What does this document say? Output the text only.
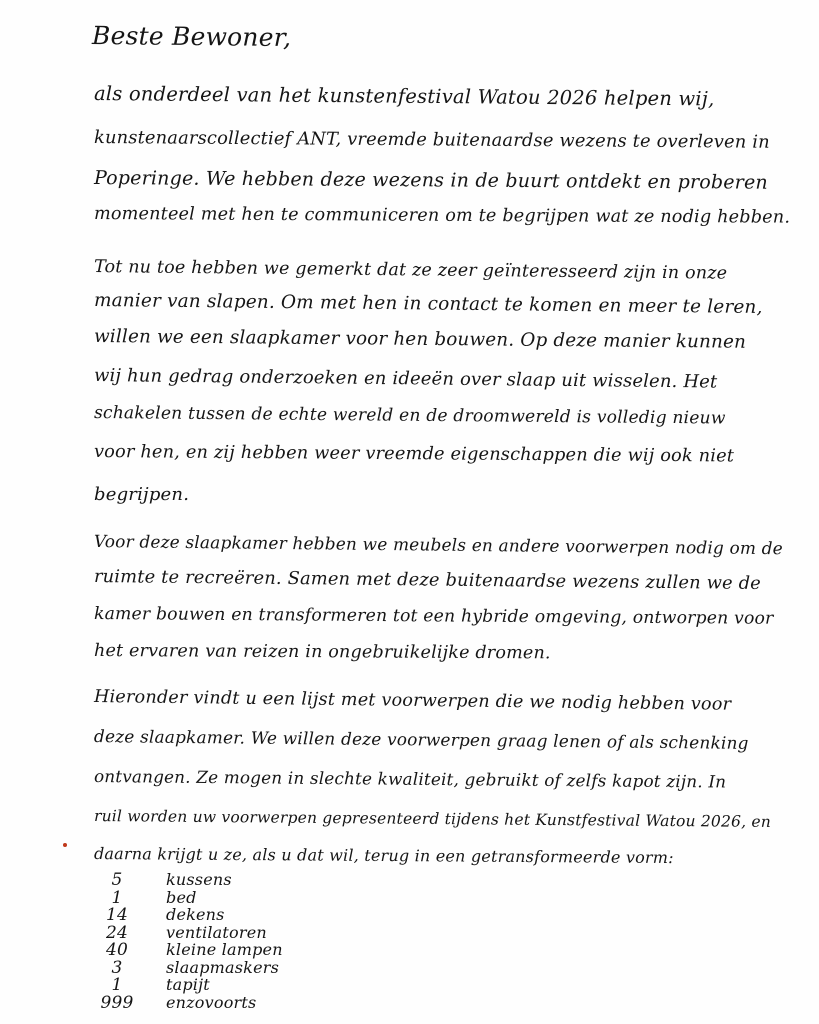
Beste Bewoner,
als onderdeel van het kunstenfestival Watou 2026 helpen wij,
kunstenaarscollectief ANT, vreemde buitenaardse wezens te overleven in
Poperinge. We hebben deze wezens in de buurt ontdekt en proberen
momenteel met hen te communiceren om te begrijpen wat ze nodig hebben.
Tot nu toe hebben we gemerkt dat ze zeer geïnteresseerd zijn in onze
manier van slapen. Om met hen in contact te komen en meer te leren,
willen we een slaapkamer voor hen bouwen. Op deze manier kunnen
wij hun gedrag onderzoeken en ideeën over slaap uit wisselen. Het
schakelen tussen de echte wereld en de droomwereld is volledig nieuw
voor hen, en zij hebben weer vreemde eigenschappen die wij ook niet
begrijpen.
Voor deze slaapkamer hebben we meubels en andere voorwerpen nodig om de
ruimte te recreëren. Samen met deze buitenaardse wezens zullen we de
kamer bouwen en transformeren tot een hybride omgeving, ontworpen voor
het ervaren van reizen in ongebruikelijke dromen.
Hieronder vindt u een lijst met voorwerpen die we nodig hebben voor
deze slaapkamer. We willen deze voorwerpen graag lenen of als schenking
ontvangen. Ze mogen in slechte kwaliteit, gebruikt of zelfs kapot zijn. In
ruil worden uw voorwerpen gepresenteerd tijdens het Kunstfestival Watou 2026, en
daarna krijgt u ze, als u dat wil, terug in een getransformeerde vorm:
5	kussens
1	bed
14	dekens
24	ventilatoren
40	kleine lampen
3	slaapmaskers
1	tapijt
999 enzovoorts
